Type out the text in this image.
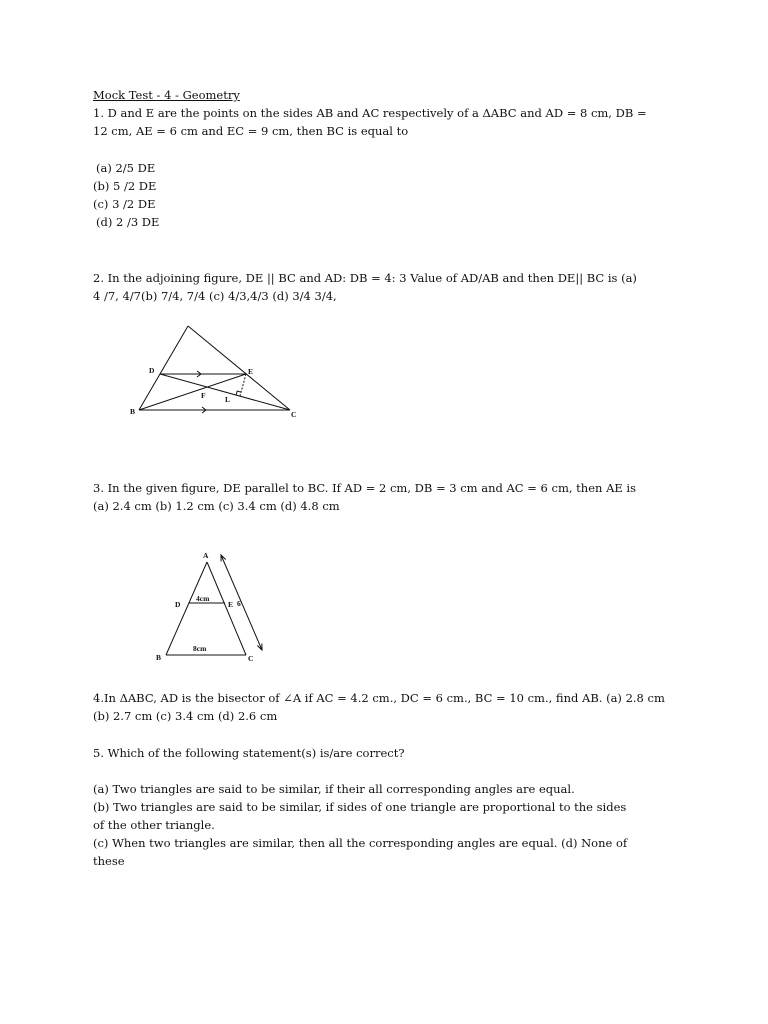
Mock Test - 4 - Geometry
1. D and E are the points on the sides AB and AC respectively of a ΔABC and AD = 8 cm, DB =
12 cm, AE = 6 cm and EC = 9 cm, then BC is equal to
(a) 2/5 DE
(b) 5 /2 DE
(c) 3 /2 DE
(d) 2 /3 DE
2. In the adjoining figure, DE || BC and AD: DB = 4: 3 Value of AD/AB and then DE|| BC is (a)
4 /7, 4/7(b) 7/4, 7/4 (c) 4/3,4/3 (d) 3/4 3/4,
D	E
F	L
B	C
3. In the given figure, DE parallel to BC. If AD = 2 cm, DB = 3 cm and AC = 6 cm, then AE is
(a) 2.4 cm (b) 1.2 cm (c) 3.4 cm (d) 4.8 cm
A
D	E 6
4cm
8cm
B	C
4.In ΔABC, AD is the bisector of ∠A if AC = 4.2 cm., DC = 6 cm., BC = 10 cm., find AB. (a) 2.8 cm
(b) 2.7 cm (c) 3.4 cm (d) 2.6 cm
5. Which of the following statement(s) is/are correct?
(a) Two triangles are said to be similar, if their all corresponding angles are equal.
(b) Two triangles are said to be similar, if sides of one triangle are proportional to the sides
of the other triangle.
(c) When two triangles are similar, then all the corresponding angles are equal. (d) None of
these
